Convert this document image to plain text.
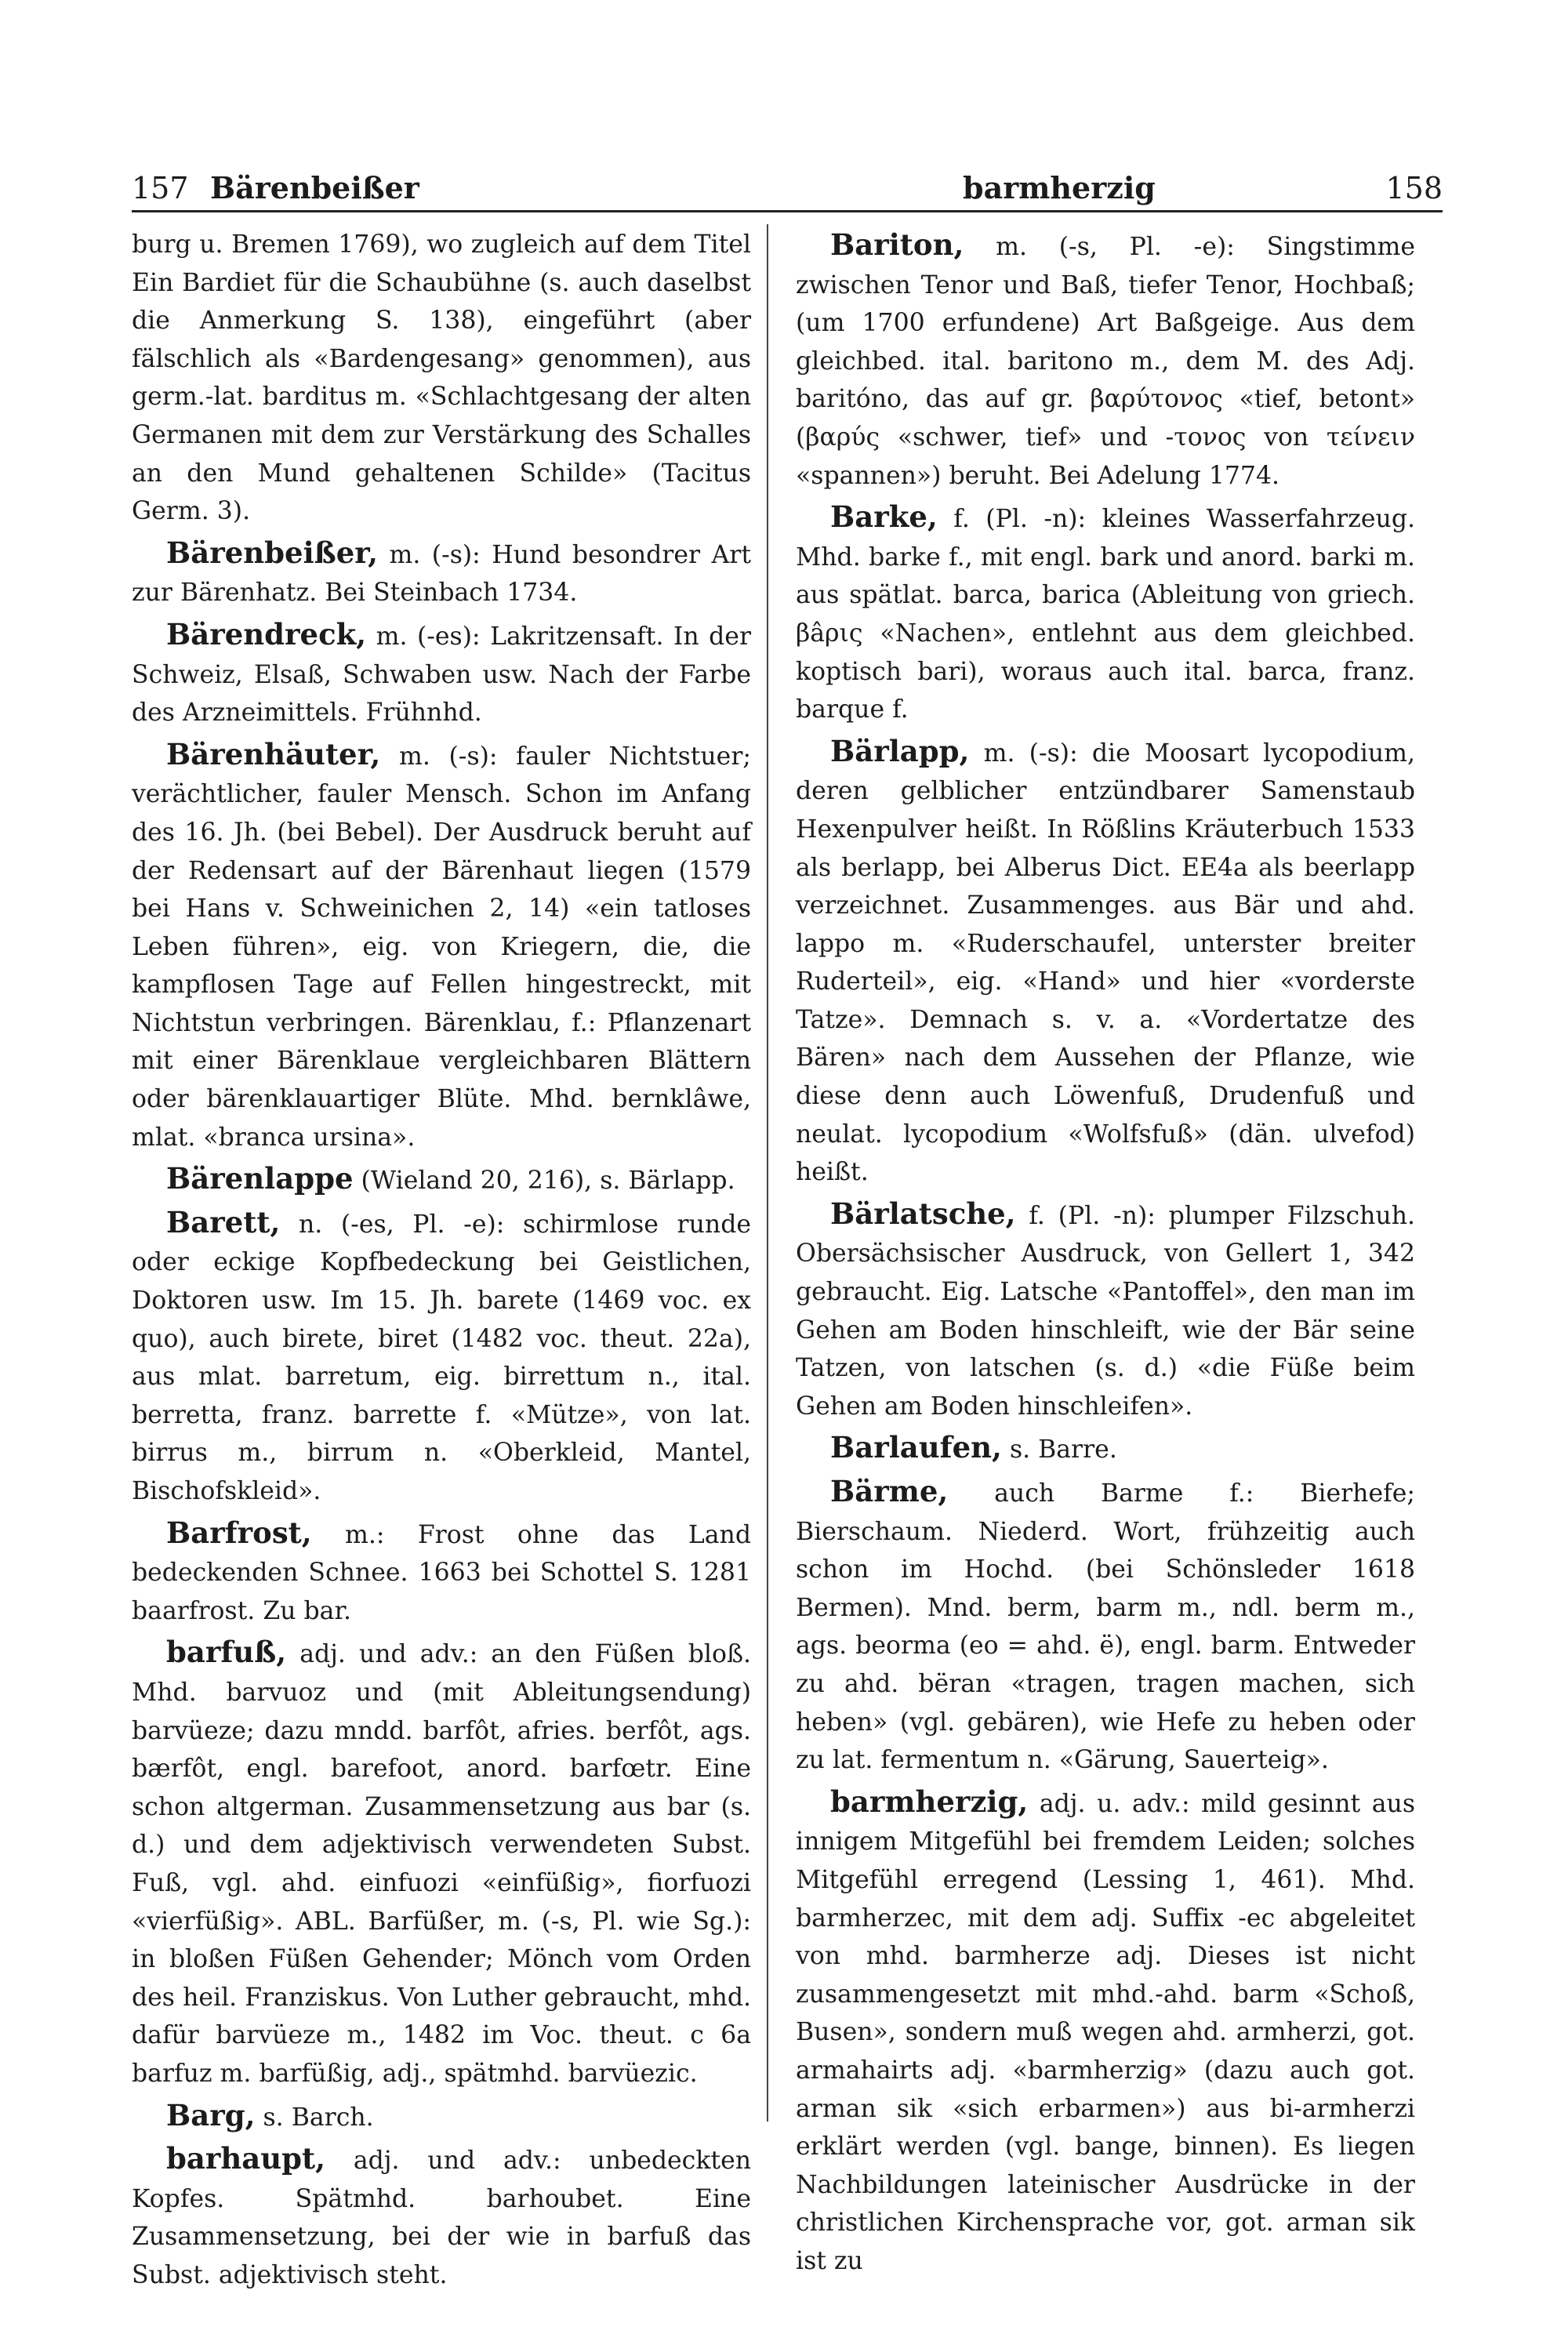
157 Bärenbeißer	barmherzig	158

burg u. Bremen 1769), wo zugleich auf dem Titel Ein Bardiet für die Schaubühne (s. auch daselbst die Anmerkung S. 138), eingeführt (aber fälschlich als «Bardengesang» genommen), aus germ.-lat. barditus m. «Schlachtgesang der alten Germanen mit dem zur Verstärkung des Schalles an den Mund gehaltenen Schilde» (Tacitus Germ. 3).

Bärenbeißer, m. (-s): Hund besondrer Art zur Bärenhatz. Bei Steinbach 1734.

Bärendreck, m. (-es): Lakritzensaft. In der Schweiz, Elsaß, Schwaben usw. Nach der Farbe des Arzneimittels. Frühnhd.

Bärenhäuter, m. (-s): fauler Nichtstuer; verächtlicher, fauler Mensch. Schon im Anfang des 16. Jh. (bei Bebel). Der Ausdruck beruht auf der Redensart auf der Bärenhaut liegen (1579 bei Hans v. Schweinichen 2, 14) «ein tatloses Leben führen», eig. von Kriegern, die, die kampflosen Tage auf Fellen hingestreckt, mit Nichtstun verbringen. Bärenklau, f.: Pflanzenart mit einer Bärenklaue vergleichbaren Blättern oder bärenklauartiger Blüte. Mhd. bernklâwe, mlat. «branca ursina».

Bärenlappe (Wieland 20, 216), s. Bärlapp.

Barett, n. (-es, Pl. -e): schirmlose runde oder eckige Kopfbedeckung bei Geistlichen, Doktoren usw. Im 15. Jh. barete (1469 voc. ex quo), auch birete, biret (1482 voc. theut. 22a), aus mlat. barretum, eig. birrettum n., ital. berretta, franz. barrette f. «Mütze», von lat. birrus m., birrum n. «Oberkleid, Mantel, Bischofskleid».

Barfrost, m.: Frost ohne das Land bedeckenden Schnee. 1663 bei Schottel S. 1281 baarfrost. Zu bar.

barfuß, adj. und adv.: an den Füßen bloß. Mhd. barvuoz und (mit Ableitungsendung) barvüeze; dazu mndd. barfôt, afries. berfôt, ags. bærfôt, engl. barefoot, anord. barfœtr. Eine schon altgerman. Zusammensetzung aus bar (s. d.) und dem adjektivisch verwendeten Subst. Fuß, vgl. ahd. einfuozi «einfüßig», fiorfuozi «vierfüßig». ABL. Barfüßer, m. (-s, Pl. wie Sg.): in bloßen Füßen Gehender; Mönch vom Orden des heil. Franziskus. Von Luther gebraucht, mhd. dafür barvüeze m., 1482 im Voc. theut. c 6a barfuz m. barfüßig, adj., spätmhd. barvüezic.

Barg, s. Barch.

barhaupt, adj. und adv.: unbedeckten Kopfes. Spätmhd. barhoubet. Eine Zusammensetzung, bei der wie in barfuß das Subst. adjektivisch steht.

Bariton, m. (-s, Pl. -e): Singstimme zwischen Tenor und Baß, tiefer Tenor, Hochbaß; (um 1700 erfundene) Art Baßgeige. Aus dem gleichbed. ital. baritono m., dem M. des Adj. baritóno, das auf gr. βαρύτονος «tief, betont» (βαρύς «schwer, tief» und -τονος von τείνειν «spannen») beruht. Bei Adelung 1774.

Barke, f. (Pl. -n): kleines Wasserfahrzeug. Mhd. barke f., mit engl. bark und anord. barki m. aus spätlat. barca, barica (Ableitung von griech. βâρις «Nachen», entlehnt aus dem gleichbed. koptisch bari), woraus auch ital. barca, franz. barque f.

Bärlapp, m. (-s): die Moosart lycopodium, deren gelblicher entzündbarer Samenstaub Hexenpulver heißt. In Rößlins Kräuterbuch 1533 als berlapp, bei Alberus Dict. EE4a als beerlapp verzeichnet. Zusammenges. aus Bär und ahd. lappo m. «Ruderschaufel, unterster breiter Ruderteil», eig. «Hand» und hier «vorderste Tatze». Demnach s. v. a. «Vordertatze des Bären» nach dem Aussehen der Pflanze, wie diese denn auch Löwenfuß, Drudenfuß und neulat. lycopodium «Wolfsfuß» (dän. ulvefod) heißt.

Bärlatsche, f. (Pl. -n): plumper Filzschuh. Obersächsischer Ausdruck, von Gellert 1, 342 gebraucht. Eig. Latsche «Pantoffel», den man im Gehen am Boden hinschleift, wie der Bär seine Tatzen, von latschen (s. d.) «die Füße beim Gehen am Boden hinschleifen».

Barlaufen, s. Barre.

Bärme, auch Barme f.: Bierhefe; Bierschaum. Niederd. Wort, frühzeitig auch schon im Hochd. (bei Schönsleder 1618 Bermen). Mnd. berm, barm m., ndl. berm m., ags. beorma (eo = ahd. ë), engl. barm. Entweder zu ahd. bëran «tragen, tragen machen, sich heben» (vgl. gebären), wie Hefe zu heben oder zu lat. fermentum n. «Gärung, Sauerteig».

barmherzig, adj. u. adv.: mild gesinnt aus innigem Mitgefühl bei fremdem Leiden; solches Mitgefühl erregend (Lessing 1, 461). Mhd. barmherzec, mit dem adj. Suffix -ec abgeleitet von mhd. barmherze adj. Dieses ist nicht zusammengesetzt mit mhd.-ahd. barm «Schoß, Busen», sondern muß wegen ahd. armherzi, got. armahairts adj. «barmherzig» (dazu auch got. arman sik «sich erbarmen») aus bi-armherzi erklärt werden (vgl. bange, binnen). Es liegen Nachbildungen lateinischer Ausdrücke in der christlichen Kirchensprache vor, got. arman sik ist zu
